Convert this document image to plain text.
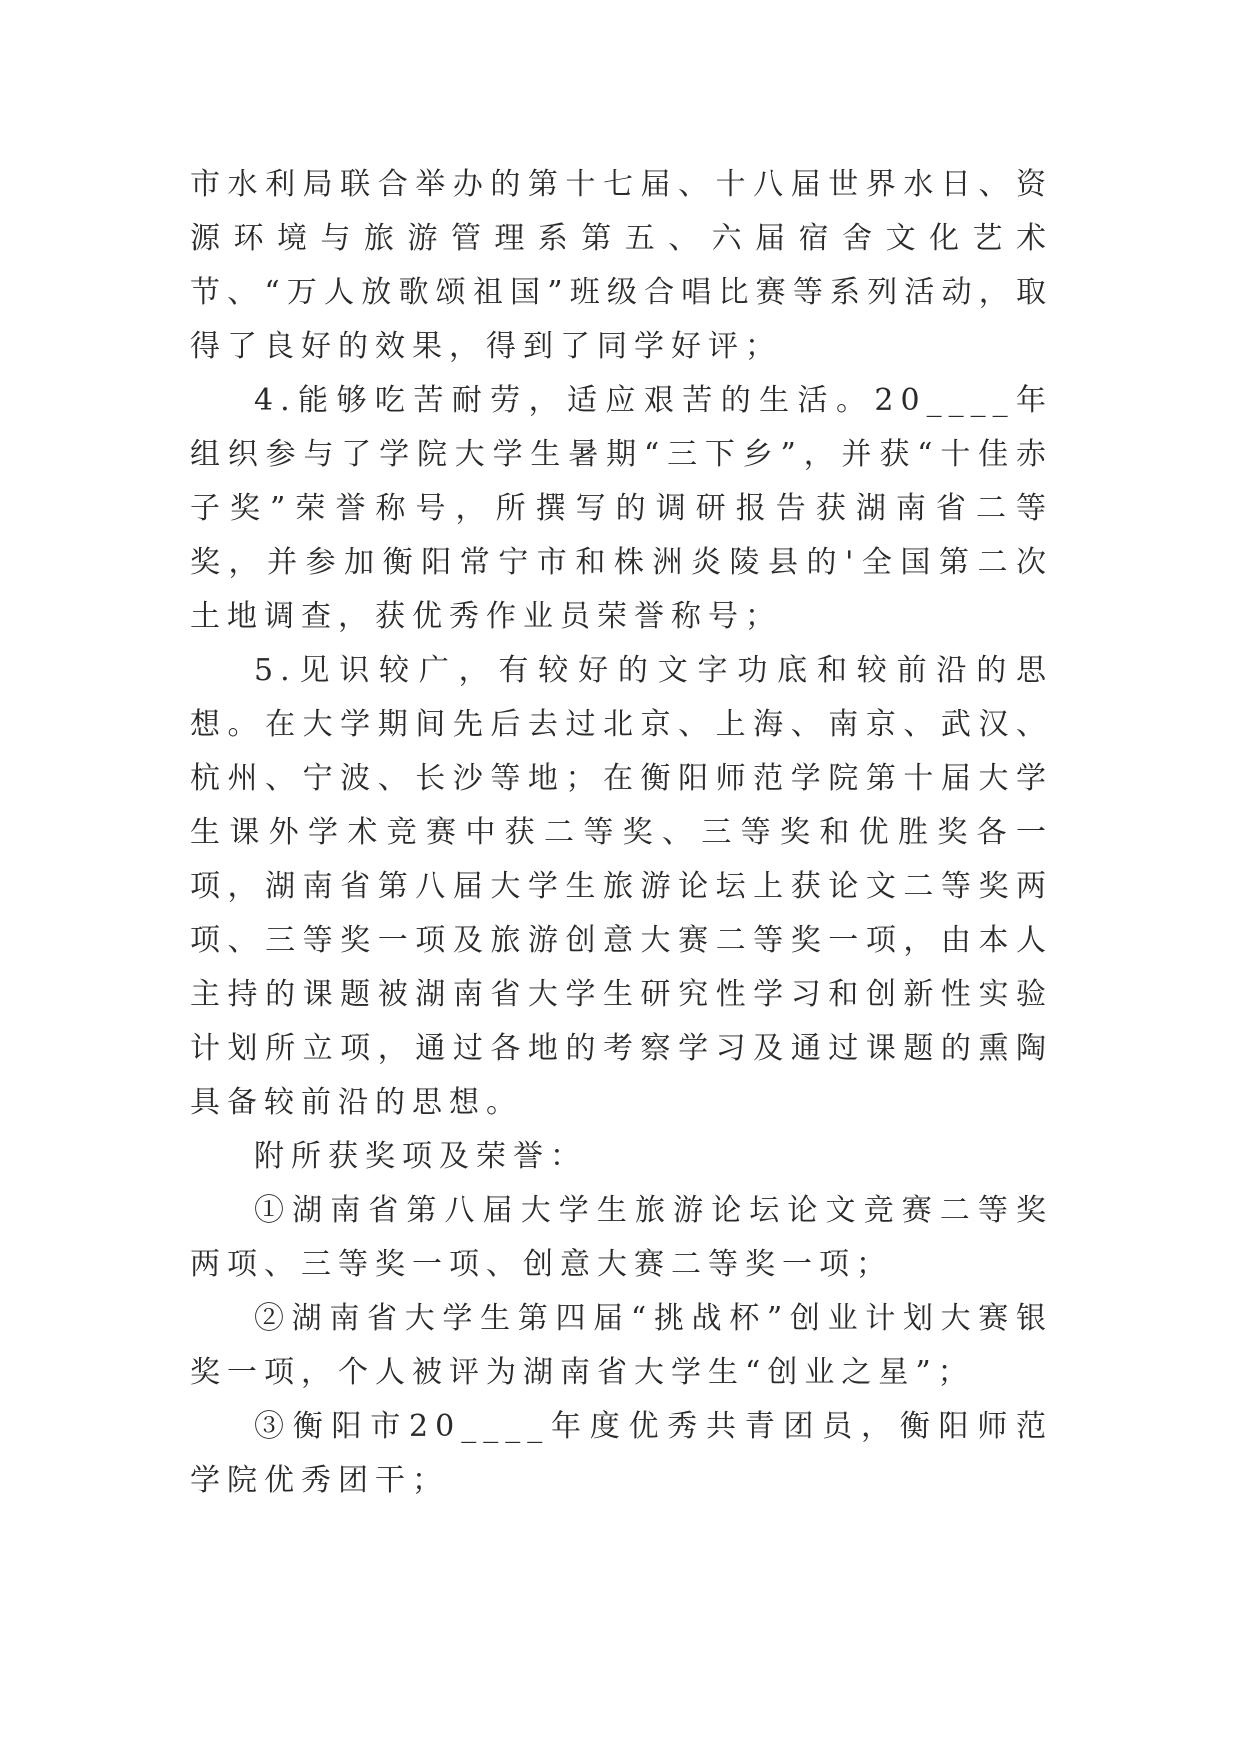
市水利局联合举办的第十七届、十八届世界水日、资源环境与旅游管理系第五、六届宿舍文化艺术节、“万人放歌颂祖国”班级合唱比赛等系列活动，取得了良好的效果，得到了同学好评；

4.能够吃苦耐劳，适应艰苦的生活。20____年组织参与了学院大学生暑期“三下乡”，并获“十佳赤子奖”荣誉称号，所撰写的调研报告获湖南省二等奖，并参加衡阳常宁市和株洲炎陵县的'全国第二次土地调查，获优秀作业员荣誉称号；

5.见识较广，有较好的文字功底和较前沿的思想。在大学期间先后去过北京、上海、南京、武汉、杭州、宁波、长沙等地；在衡阳师范学院第十届大学生课外学术竞赛中获二等奖、三等奖和优胜奖各一项，湖南省第八届大学生旅游论坛上获论文二等奖两项、三等奖一项及旅游创意大赛二等奖一项，由本人主持的课题被湖南省大学生研究性学习和创新性实验计划所立项，通过各地的考察学习及通过课题的熏陶具备较前沿的思想。

附所获奖项及荣誉：

①湖南省第八届大学生旅游论坛论文竞赛二等奖两项、三等奖一项、创意大赛二等奖一项；

②湖南省大学生第四届“挑战杯”创业计划大赛银奖一项，个人被评为湖南省大学生“创业之星”；

③衡阳市20____年度优秀共青团员，衡阳师范学院优秀团干；
